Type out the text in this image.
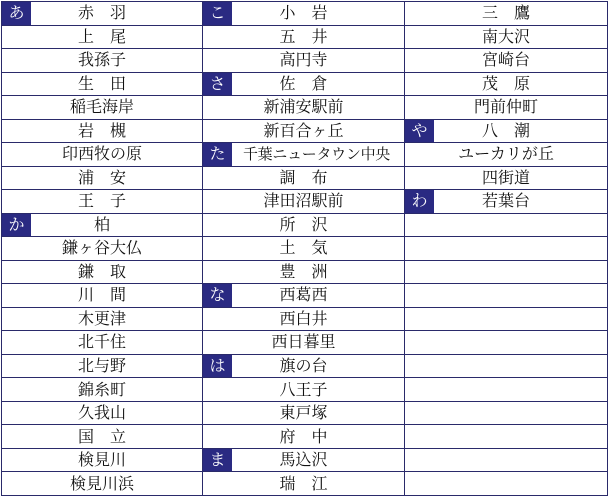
あ 赤　羽	こ 小　岩	三　鷹
上　尾	五　井	南大沢
我孫子	高円寺	宮崎台
生　田	さ 佐　倉	茂　原
稲毛海岸	新浦安駅前	門前仲町
岩　槻	新百合ヶ丘	や 八　潮
印西牧の原	た 千葉ニュータウン中央	ユーカリが丘
浦　安	調　布	四街道
王　子	津田沼駅前	わ 若葉台

か 柏	所　沢	
鎌ヶ谷大仏	土　気	
鎌　取	豊　洲	
川　間	な 西葛西	
木更津	西白井	
北千住	西日暮里	
北与野	は 旗の台	
錦糸町	八王子	
久我山	東戸塚	
国　立	府　中	
検見川	ま 馬込沢	
検見川浜	瑞　江	
